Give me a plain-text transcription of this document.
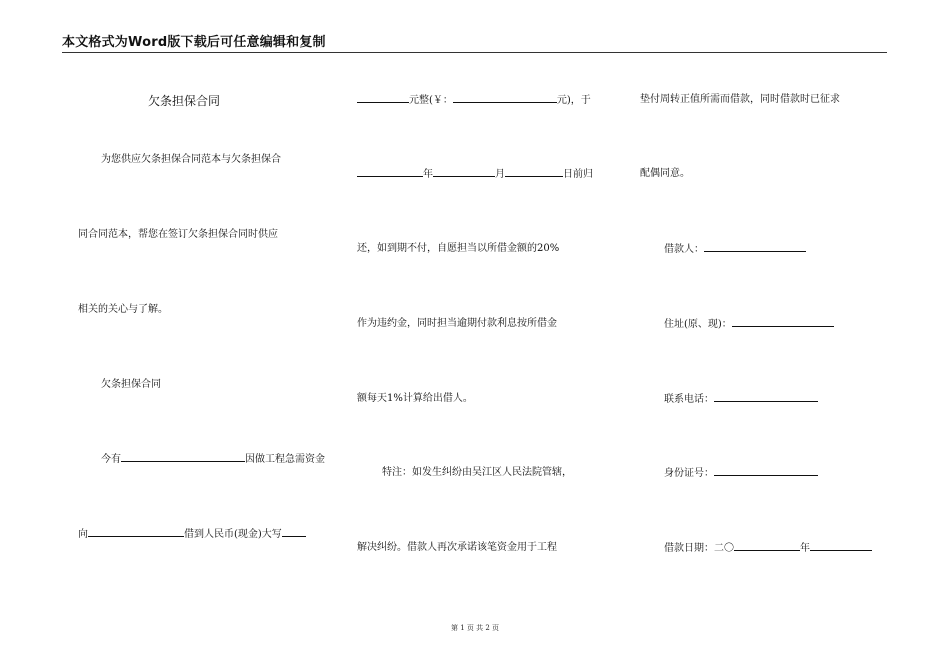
本文格式为Word版下载后可任意编辑和复制
欠条担保合同
为您供应欠条担保合同范本与欠条担保合
同合同范本，帮您在签订欠条担保合同时供应
相关的关心与了解。
欠条担保合同
今有	因做工程急需资金
向	借到人民币(现金)大写
元整(￥：	元)，于
年	月	日前归
还，如到期不付，自愿担当以所借金额的20%
作为违约金，同时担当逾期付款利息按所借金
额每天1%计算给出借人。
特注：如发生纠纷由吴江区人民法院管辖，
解决纠纷。借款人再次承诺该笔资金用于工程
垫付周转正值所需而借款，同时借款时已征求
配偶同意。
借款人：
住址(原、现)：
联系电话：
身份证号：
借款日期：二〇	年
第 1 页 共 2 页
